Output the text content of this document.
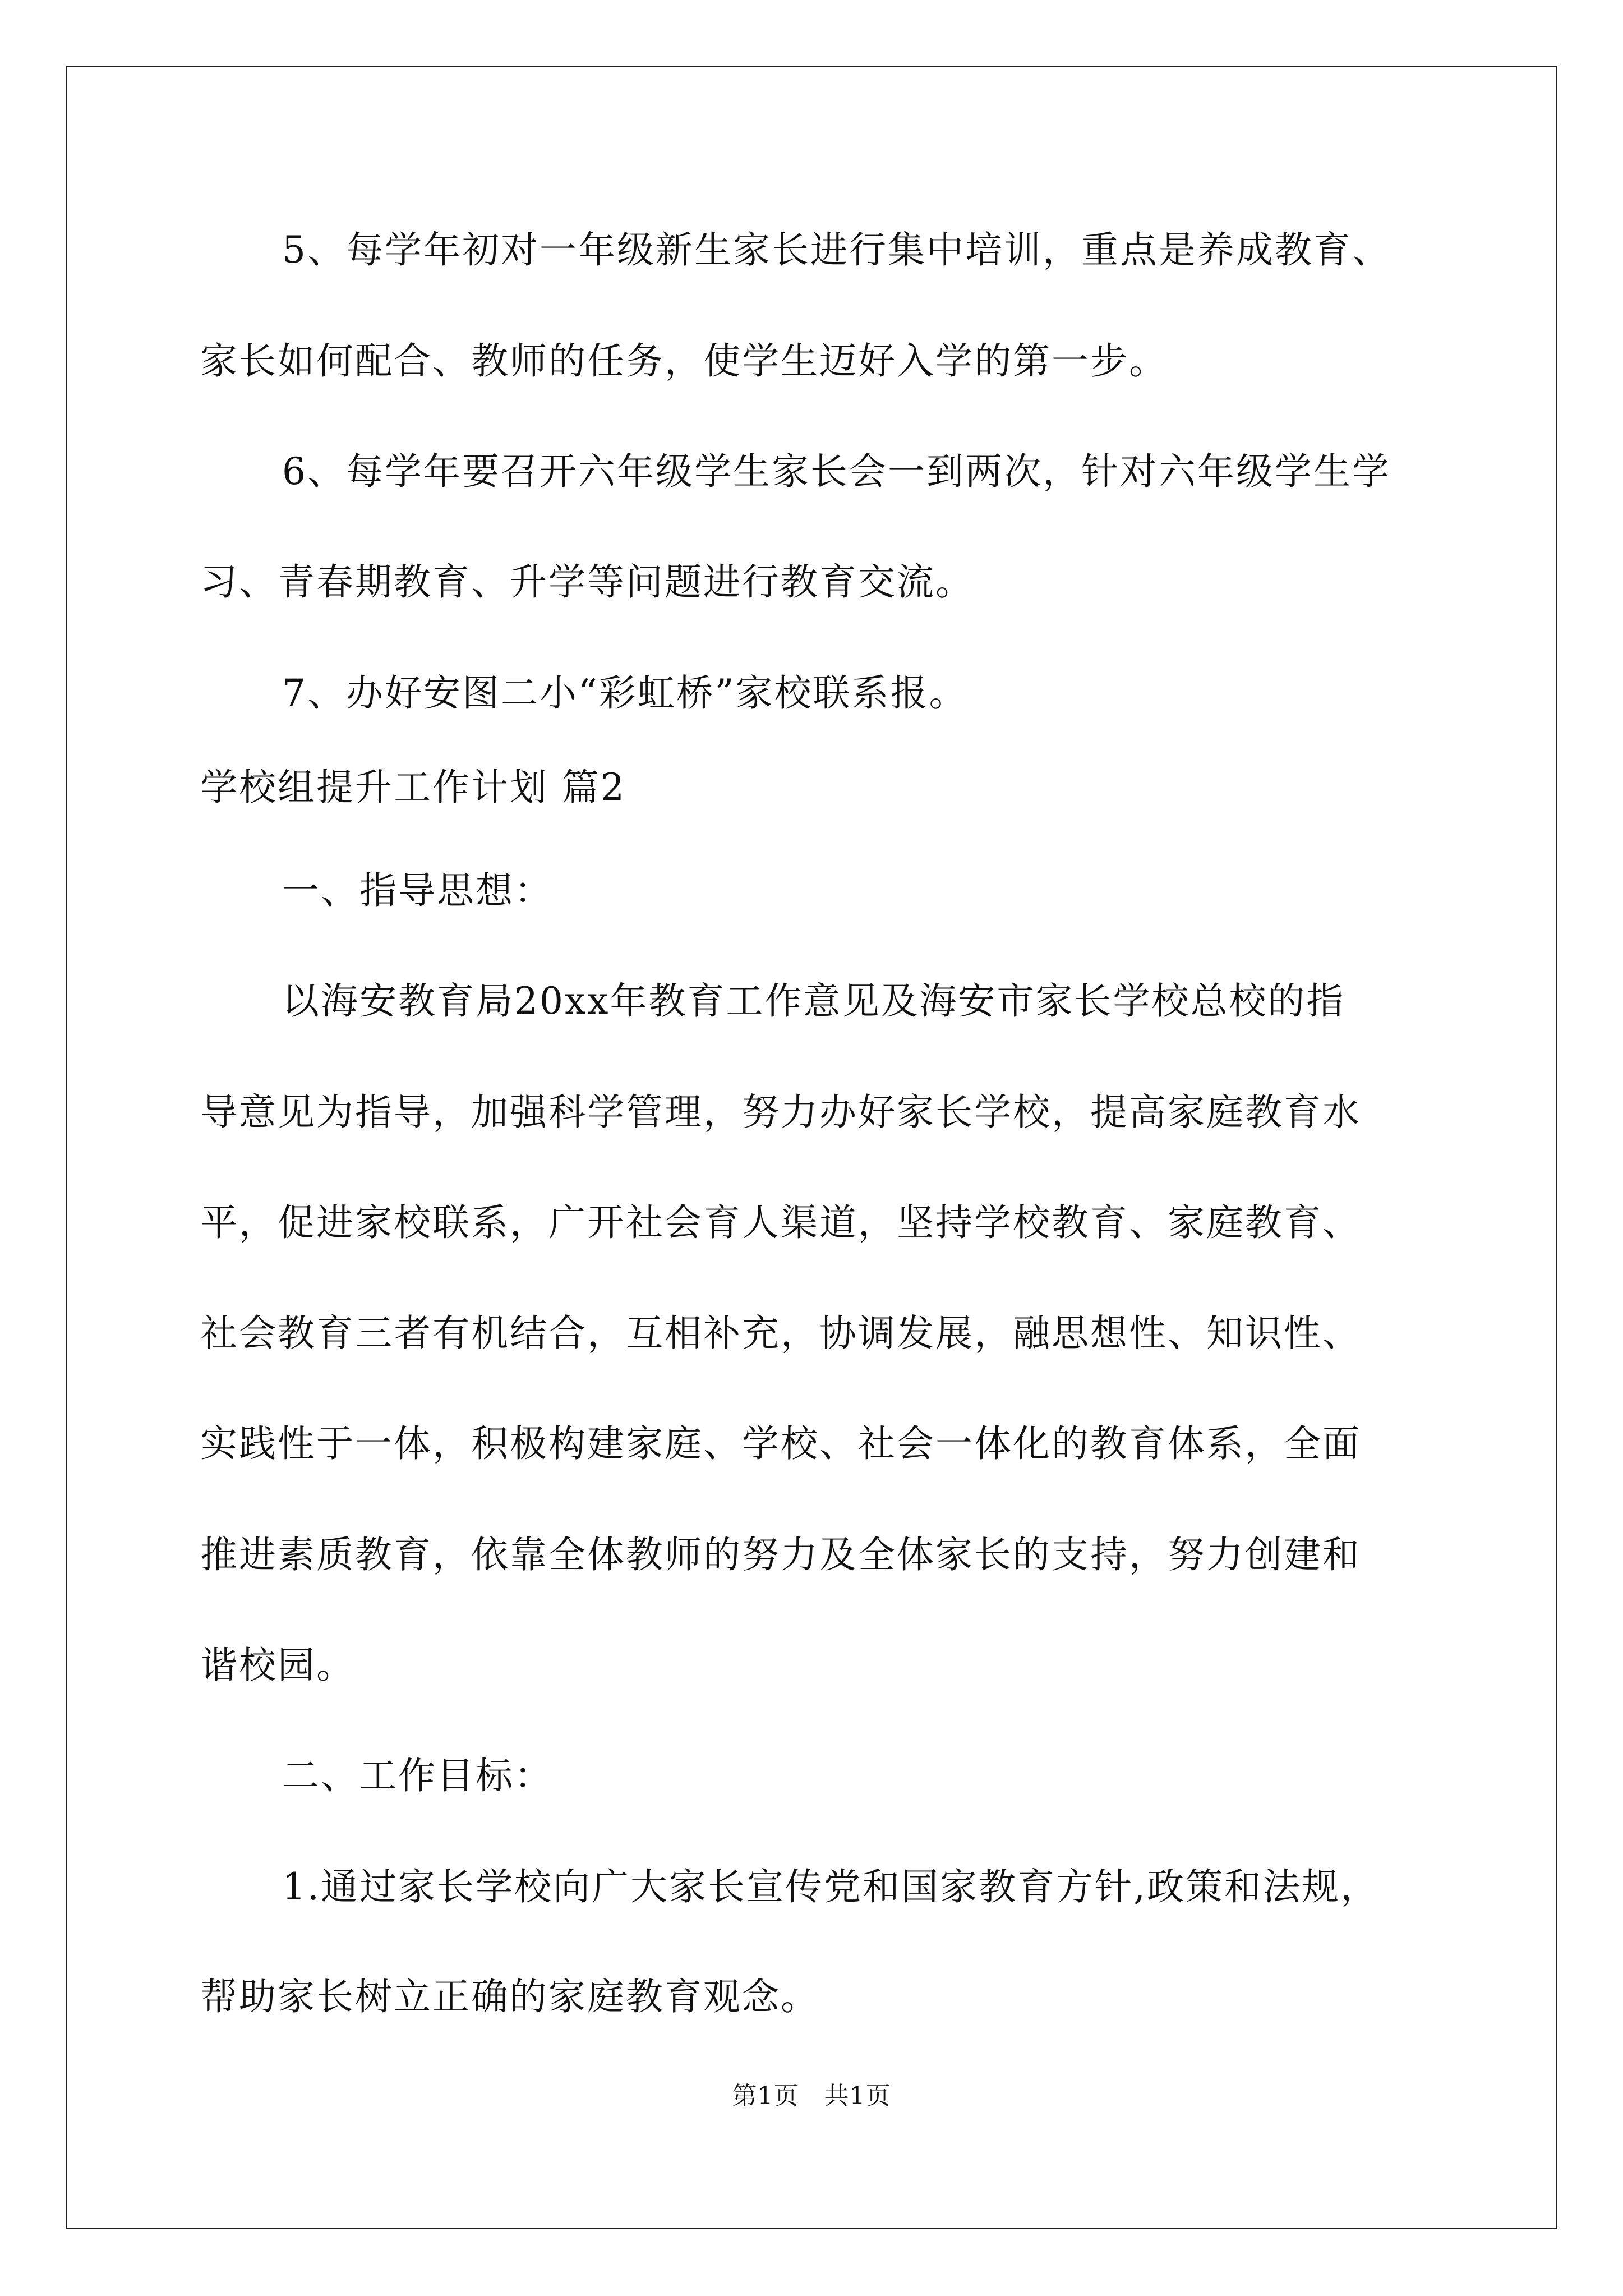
5、每学年初对一年级新生家长进行集中培训，重点是养成教育、
家长如何配合、教师的任务，使学生迈好入学的第一步。
6、每学年要召开六年级学生家长会一到两次，针对六年级学生学
习、青春期教育、升学等问题进行教育交流。
7、办好安图二小“彩虹桥”家校联系报。
学校组提升工作计划 篇2
一、指导思想：
以海安教育局20xx年教育工作意见及海安市家长学校总校的指
导意见为指导，加强科学管理，努力办好家长学校，提高家庭教育水
平，促进家校联系，广开社会育人渠道，坚持学校教育、家庭教育、
社会教育三者有机结合，互相补充，协调发展，融思想性、知识性、
实践性于一体，积极构建家庭、学校、社会一体化的教育体系，全面
推进素质教育，依靠全体教师的努力及全体家长的支持，努力创建和
谐校园。
二、工作目标：
1.通过家长学校向广大家长宣传党和国家教育方针,政策和法规，
帮助家长树立正确的家庭教育观念。
第1页　共1页
